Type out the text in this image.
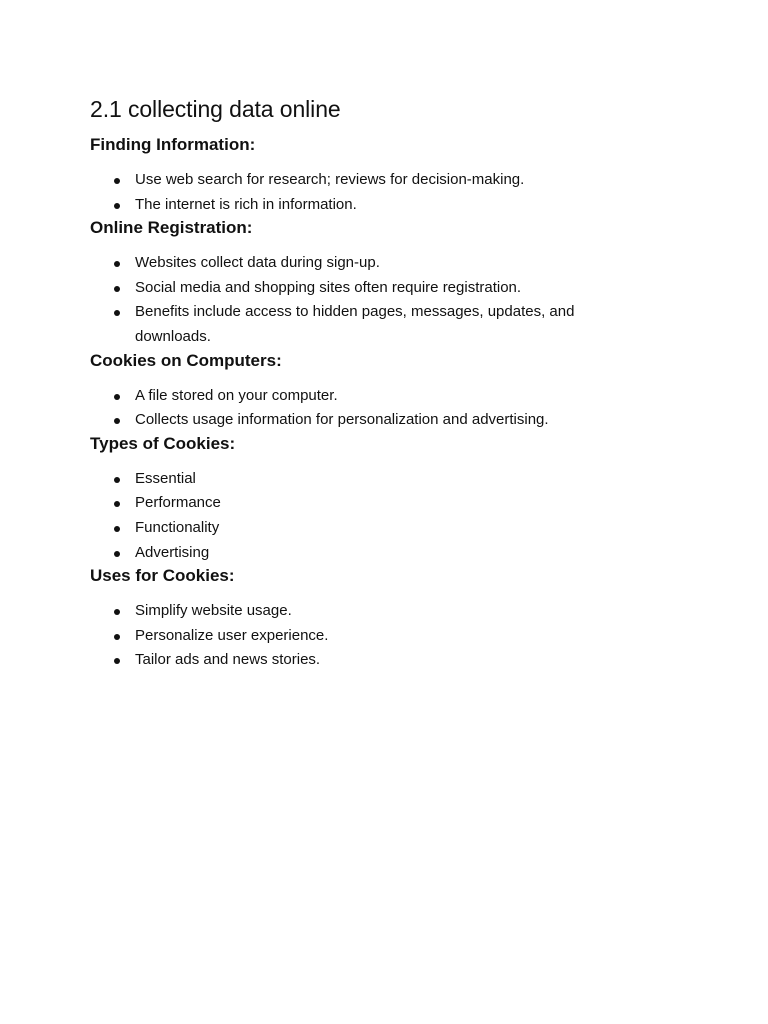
2.1 collecting data online
Finding Information:
Use web search for research; reviews for decision-making.
The internet is rich in information.
Online Registration:
Websites collect data during sign-up.
Social media and shopping sites often require registration.
Benefits include access to hidden pages, messages, updates, and downloads.
Cookies on Computers:
A file stored on your computer.
Collects usage information for personalization and advertising.
Types of Cookies:
Essential
Performance
Functionality
Advertising
Uses for Cookies:
Simplify website usage.
Personalize user experience.
Tailor ads and news stories.
